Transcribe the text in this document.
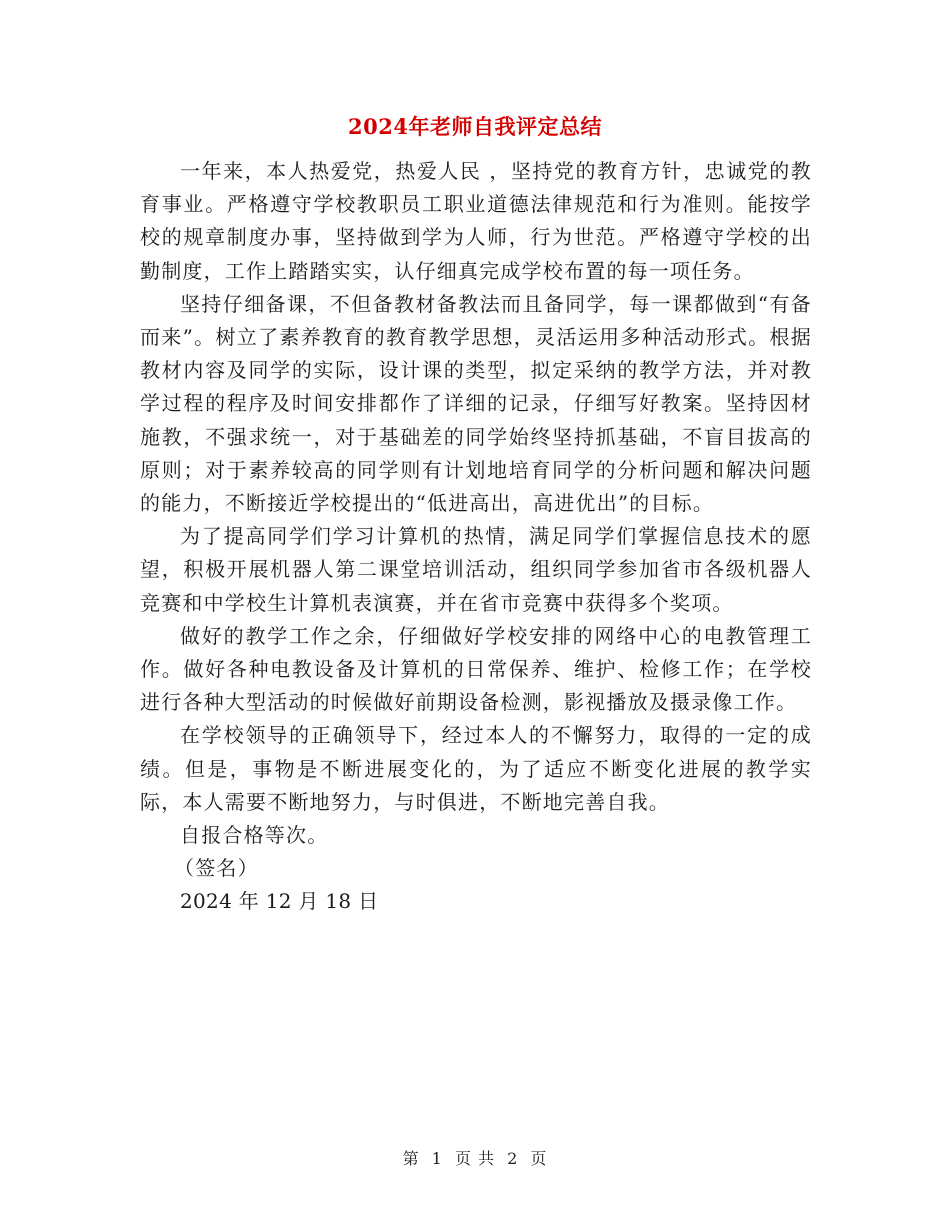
2024年老师自我评定总结

一年来，本人热爱党，热爱人民 ，坚持党的教育方针，忠诚党的教育事业。严格遵守学校教职员工职业道德法律规范和行为准则。能按学校的规章制度办事，坚持做到学为人师，行为世范。严格遵守学校的出勤制度，工作上踏踏实实，认仔细真完成学校布置的每一项任务。

坚持仔细备课，不但备教材备教法而且备同学，每一课都做到“有备而来”。树立了素养教育的教育教学思想，灵活运用多种活动形式。根据教材内容及同学的实际，设计课的类型，拟定采纳的教学方法，并对教学过程的程序及时间安排都作了详细的记录，仔细写好教案。坚持因材施教，不强求统一，对于基础差的同学始终坚持抓基础，不盲目拔高的原则；对于素养较高的同学则有计划地培育同学的分析问题和解决问题的能力，不断接近学校提出的“低进高出，高进优出”的目标。

为了提高同学们学习计算机的热情，满足同学们掌握信息技术的愿望，积极开展机器人第二课堂培训活动，组织同学参加省市各级机器人竞赛和中学校生计算机表演赛，并在省市竞赛中获得多个奖项。

做好的教学工作之余，仔细做好学校安排的网络中心的电教管理工作。做好各种电教设备及计算机的日常保养、维护、检修工作；在学校进行各种大型活动的时候做好前期设备检测，影视播放及摄录像工作。

在学校领导的正确领导下，经过本人的不懈努力，取得的一定的成绩。但是，事物是不断进展变化的，为了适应不断变化进展的教学实际，本人需要不断地努力，与时俱进，不断地完善自我。

自报合格等次。

（签名）

2024 年 12 月 18 日

第 1 页 共 2 页
